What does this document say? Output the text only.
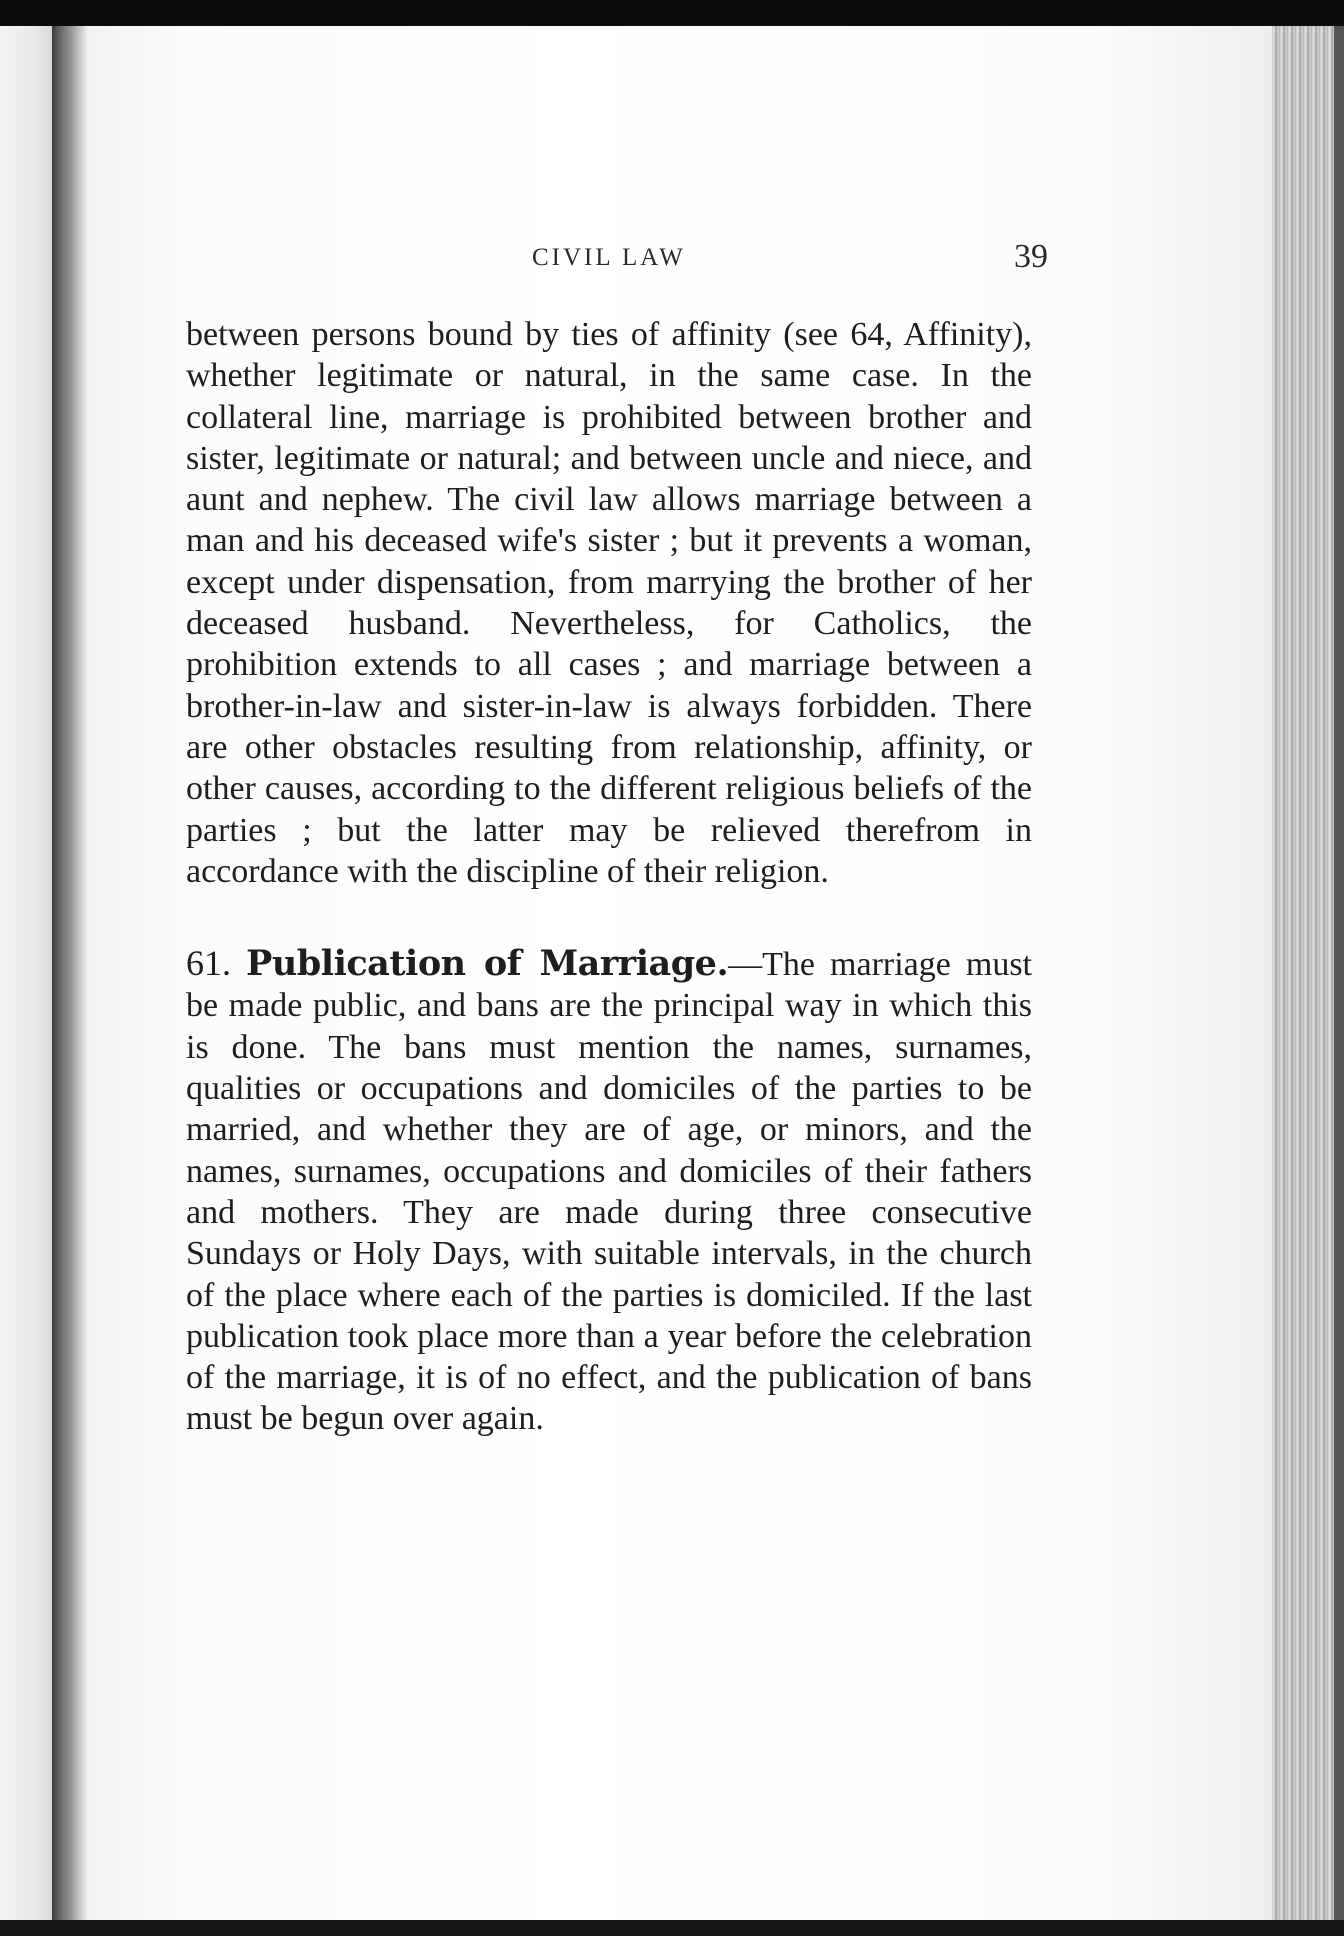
CIVIL LAW	39

between persons bound by ties of affinity (see 64, Affinity), whether legitimate or natural, in the same case. In the collateral line, marriage is prohibited between brother and sister, legitimate or natural; and between uncle and niece, and aunt and nephew. The civil law allows marriage between a man and his deceased wife's sister ; but it prevents a woman, except under dispensation, from marrying the brother of her deceased husband. Nevertheless, for Catholics, the prohibition extends to all cases ; and marriage between a brother-in-law and sister-in-law is always forbidden. There are other obstacles resulting from relationship, affinity, or other causes, according to the different religious beliefs of the parties ; but the latter may be relieved therefrom in accordance with the discipline of their religion.

61. Publication of Marriage.—The marriage must be made public, and bans are the principal way in which this is done. The bans must mention the names, surnames, qualities or occupations and domiciles of the parties to be married, and whether they are of age, or minors, and the names, surnames, occupations and domiciles of their fathers and mothers. They are made during three consecutive Sundays or Holy Days, with suitable intervals, in the church of the place where each of the parties is domiciled. If the last publication took place more than a year before the celebration of the marriage, it is of no effect, and the publication of bans must be begun over again.
